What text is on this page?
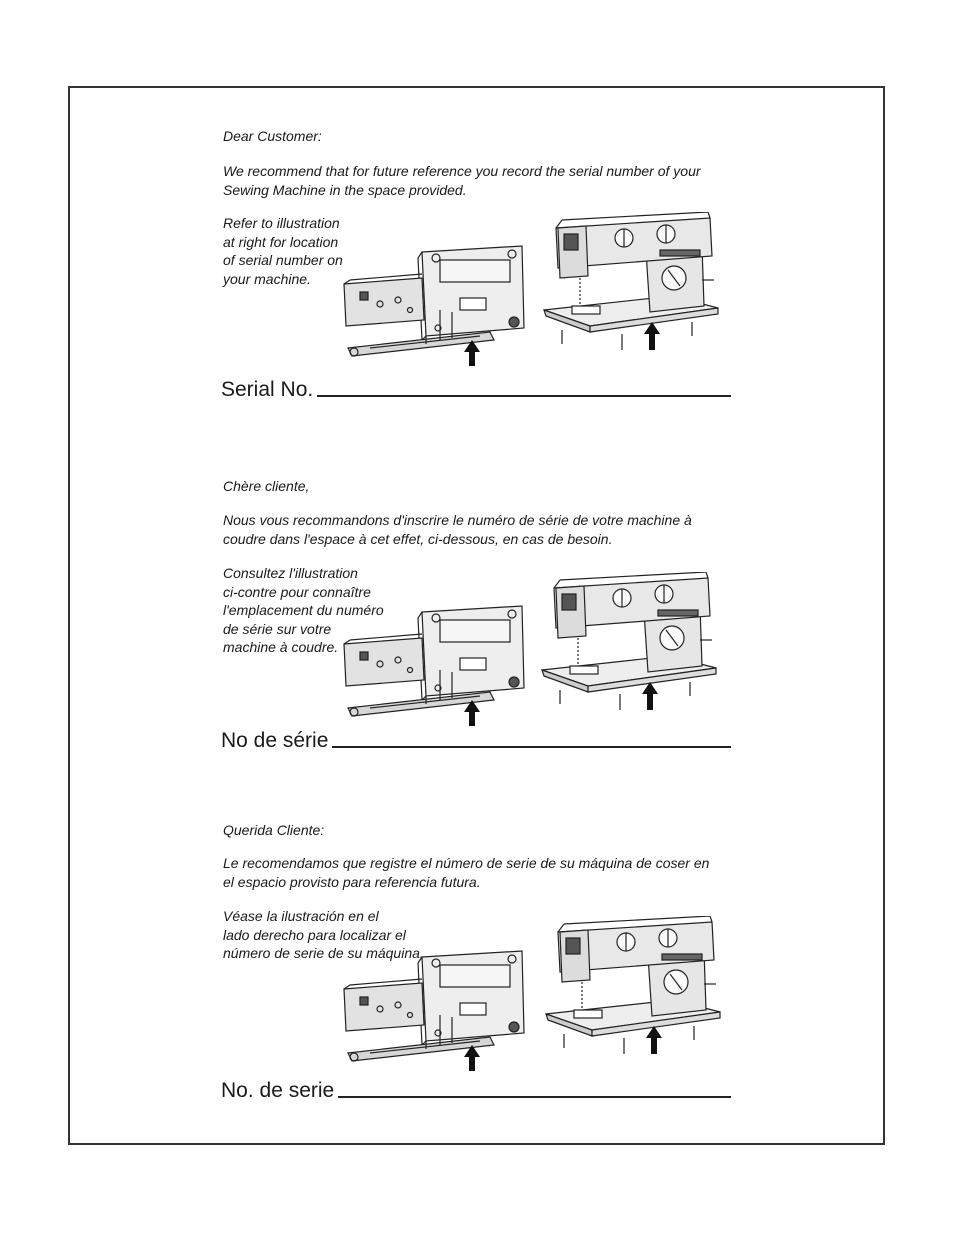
Dear Customer:
We recommend that for future reference you record the serial number of your Sewing Machine in the space provided.
Refer to illustration
at right for location
of serial number on
your machine.
Serial No.
Chère cliente,
Nous vous recommandons d'inscrire le numéro de série de votre machine à coudre dans l'espace à cet effet, ci-dessous, en cas de besoin.
Consultez l'illustration
ci-contre pour connaître
l'emplacement du numéro
de série sur votre
machine à coudre.
No de série
Querida Cliente:
Le recomendamos que registre el número de serie de su máquina de coser en el espacio provisto para referencia futura.
Véase la ilustración en el
lado derecho para localizar el
número de serie de su máquina.
No. de serie
